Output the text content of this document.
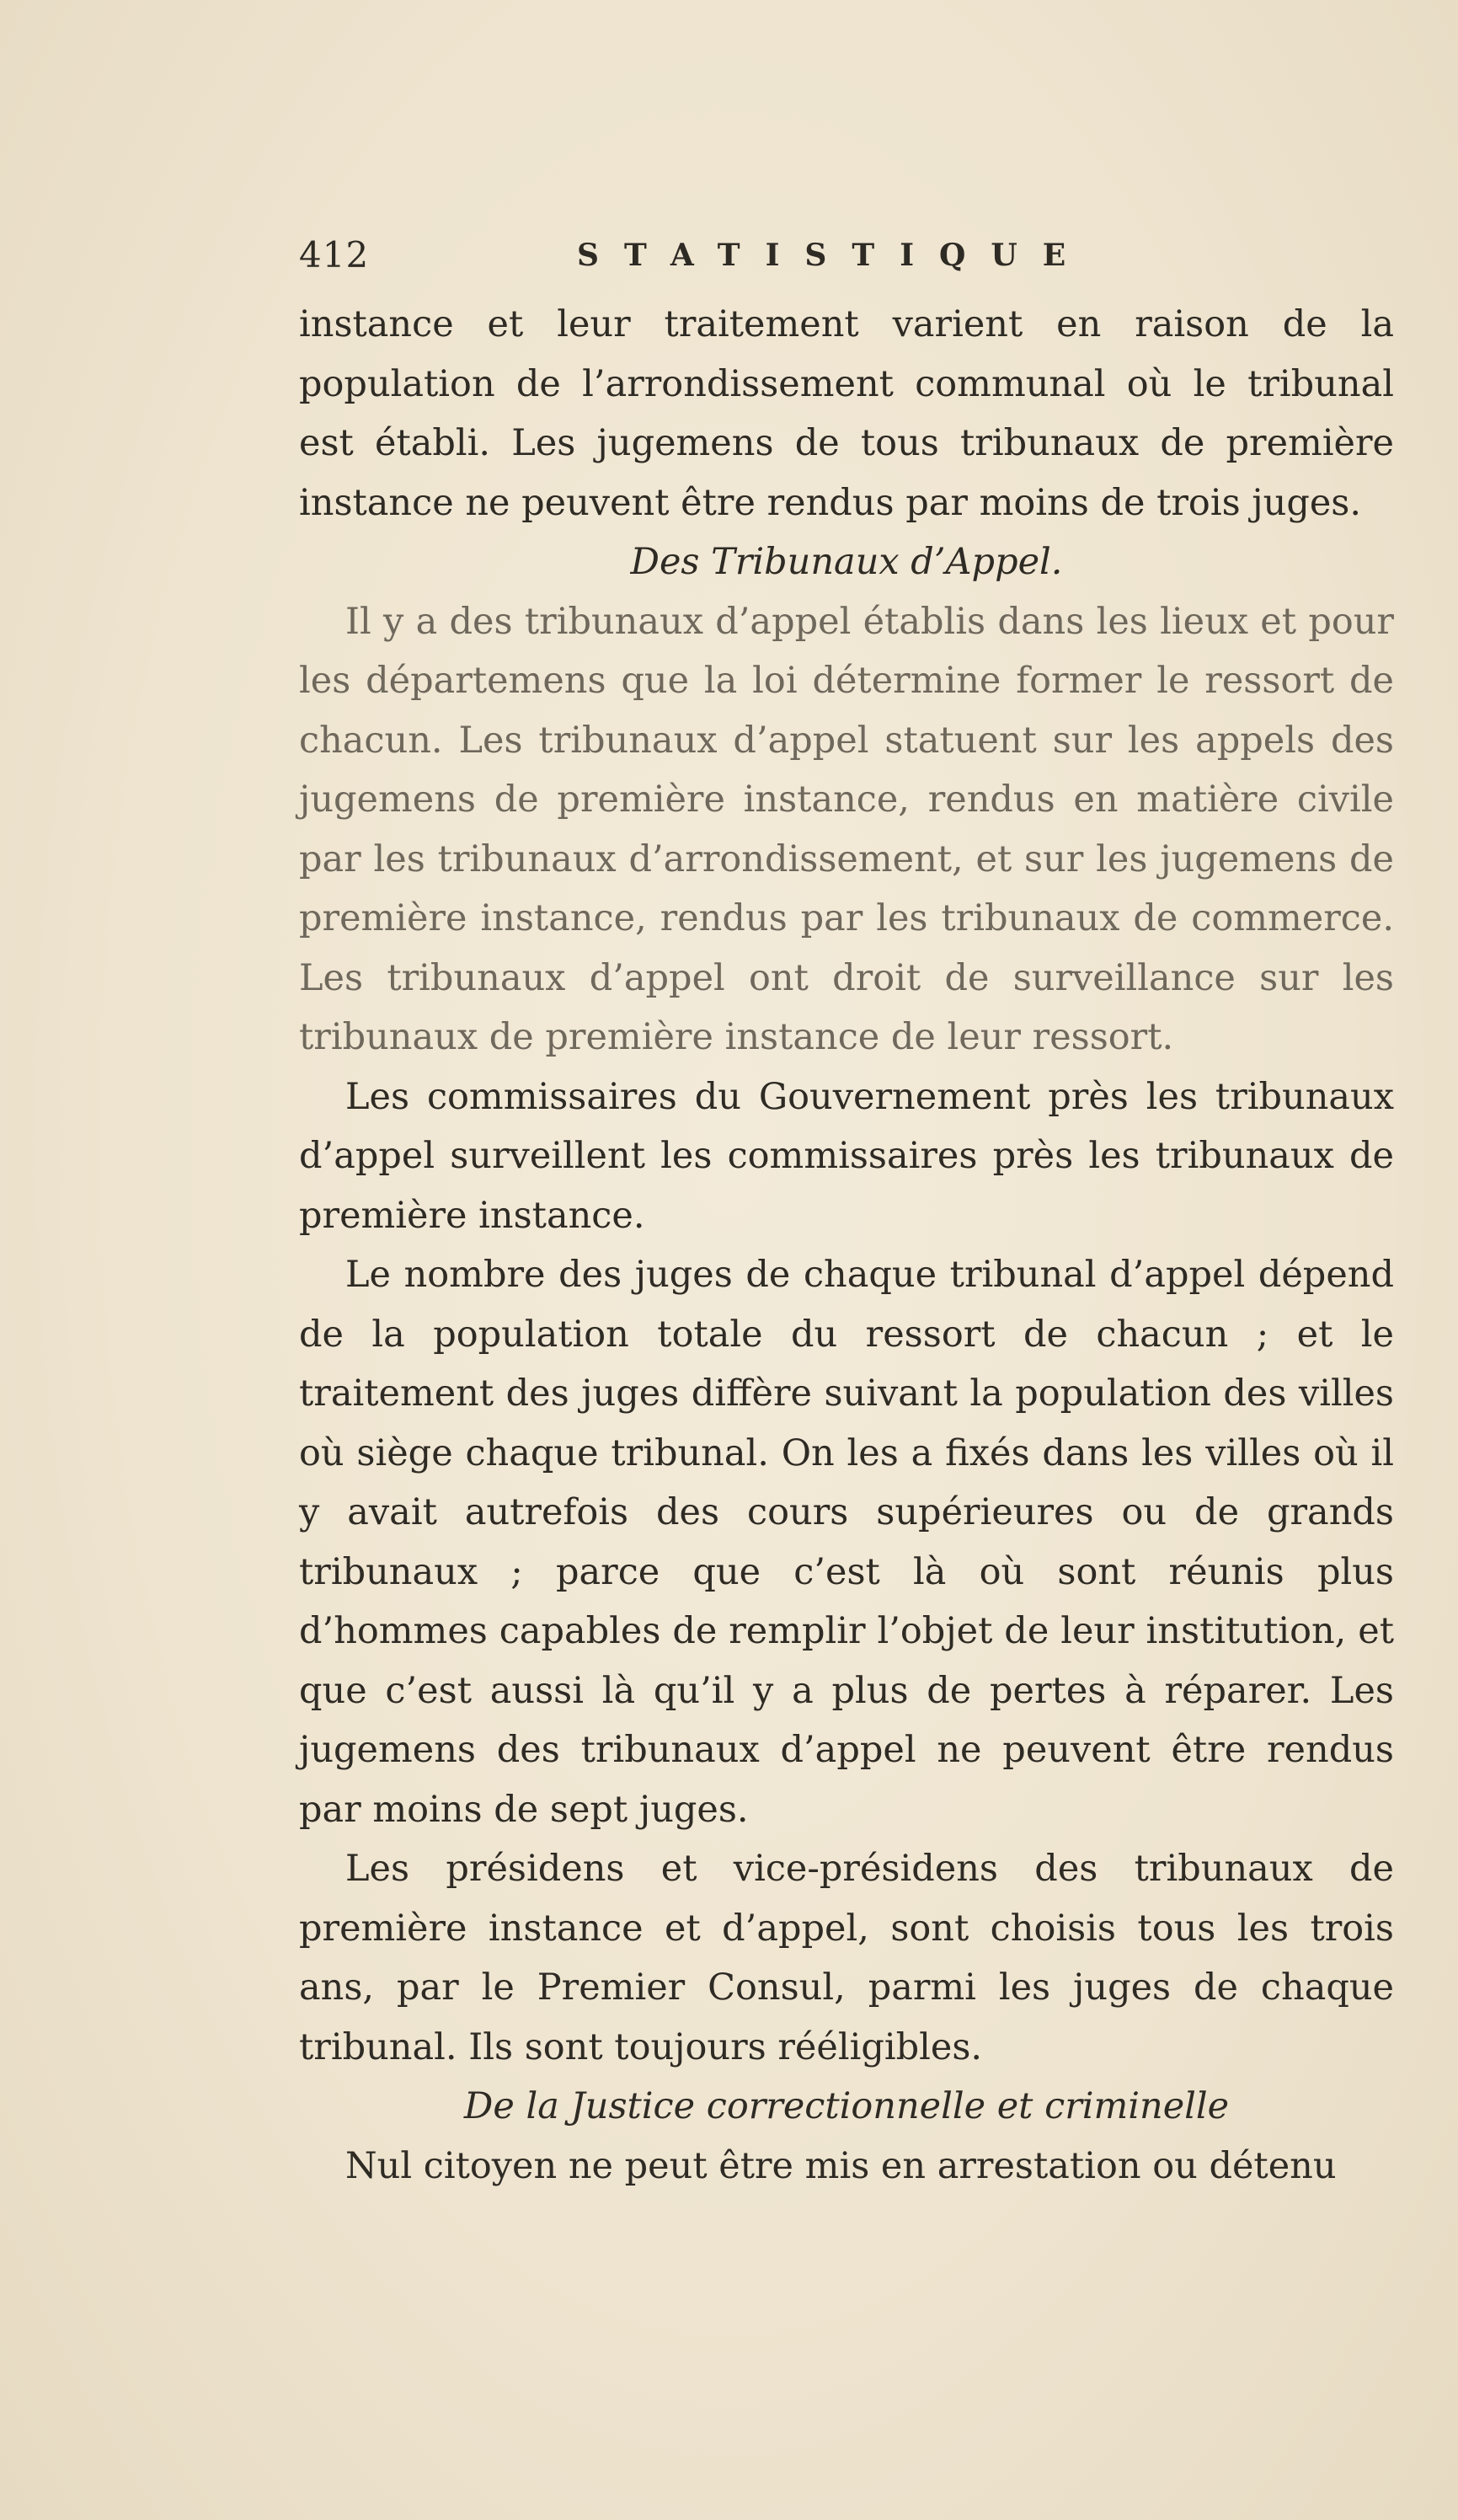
412	STATISTIQUE

instance et leur traitement varient en raison de la population de l’arrondissement communal où le tribunal est établi. Les jugemens de tous tribunaux de première instance ne peuvent être rendus par moins de trois juges.

Des Tribunaux d’Appel.

Il y a des tribunaux d’appel établis dans les lieux et pour les départemens que la loi détermine former le ressort de chacun. Les tribunaux d’appel statuent sur les appels des jugemens de première instance, rendus en matière civile par les tribunaux d’arrondissement, et sur les jugemens de première instance, rendus par les tribunaux de commerce. Les tribunaux d’appel ont droit de surveillance sur les tribunaux de première instance de leur ressort.

Les commissaires du Gouvernement près les tribunaux d’appel surveillent les commissaires près les tribunaux de première instance.

Le nombre des juges de chaque tribunal d’appel dépend de la population totale du ressort de chacun ; et le traitement des juges diffère suivant la population des villes où siège chaque tribunal. On les a fixés dans les villes où il y avait autrefois des cours supérieures ou de grands tribunaux ; parce que c’est là où sont réunis plus d’hommes capables de remplir l’objet de leur institution, et que c’est aussi là qu’il y a plus de pertes à réparer. Les jugemens des tribunaux d’appel ne peuvent être rendus par moins de sept juges.

Les présidens et vice-présidens des tribunaux de première instance et d’appel, sont choisis tous les trois ans, par le Premier Consul, parmi les juges de chaque tribunal. Ils sont toujours rééligibles.

De la Justice correctionnelle et criminelle

Nul citoyen ne peut être mis en arrestation ou détenu
